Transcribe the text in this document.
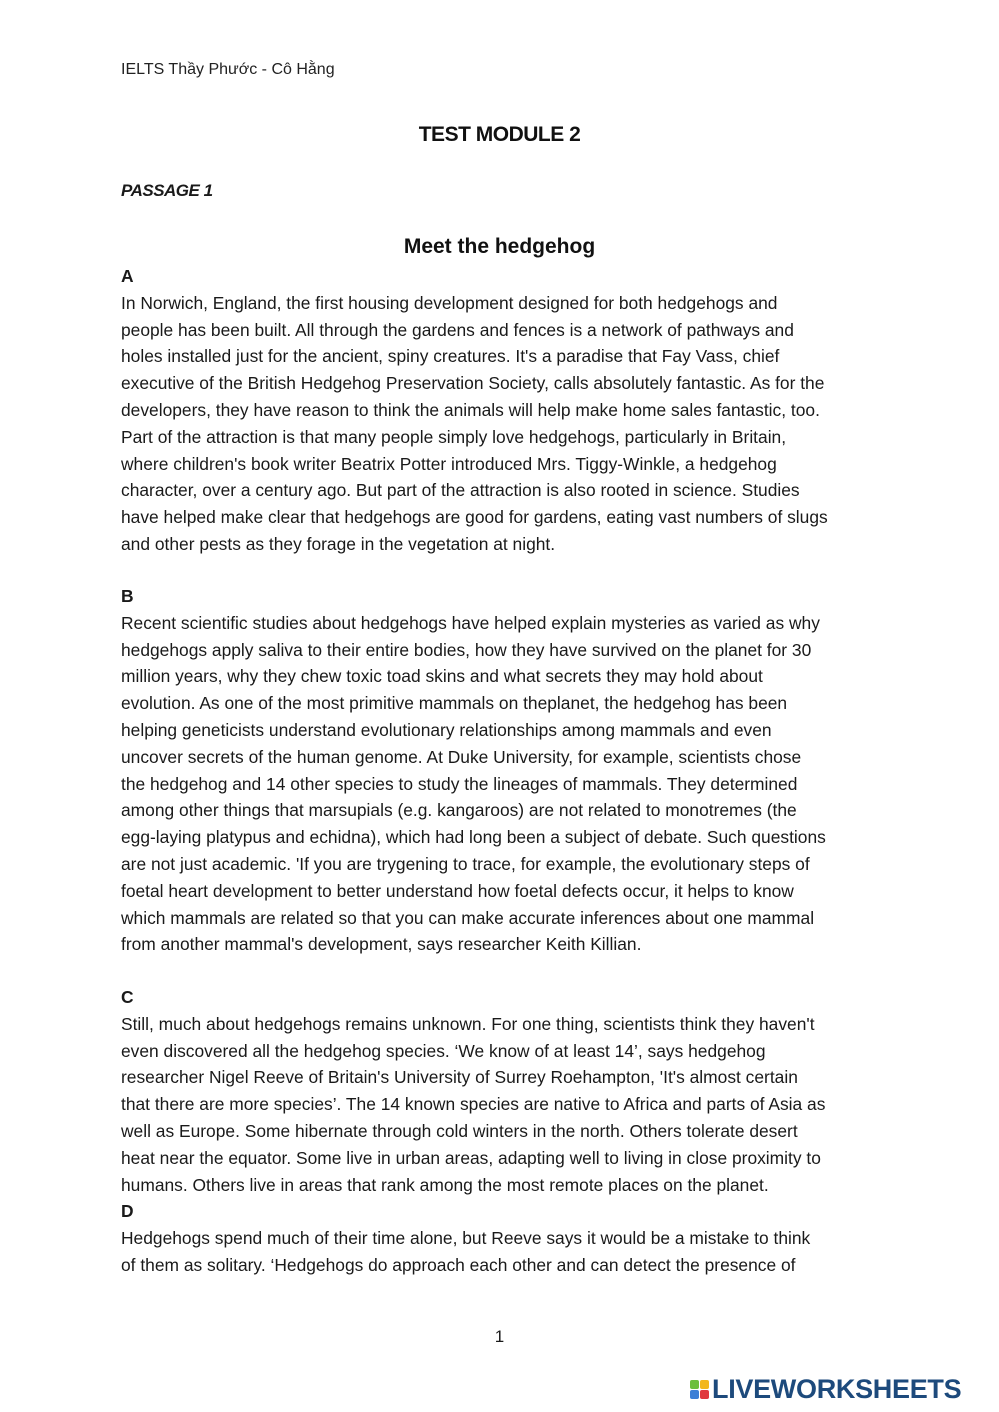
IELTS Thầy Phước - Cô Hằng
TEST MODULE 2
PASSAGE 1
Meet the hedgehog
A
In Norwich, England, the first housing development designed for both hedgehogs and
people has been built. All through the gardens and fences is a network of pathways and
holes installed just for the ancient, spiny creatures. It's a paradise that Fay Vass, chief
executive of the British Hedgehog Preservation Society, calls absolutely fantastic. As for the
developers, they have reason to think the animals will help make home sales fantastic, too.
Part of the attraction is that many people simply love hedgehogs, particularly in Britain,
where children's book writer Beatrix Potter introduced Mrs. Tiggy-Winkle, a hedgehog
character, over a century ago. But part of the attraction is also rooted in science. Studies
have helped make clear that hedgehogs are good for gardens, eating vast numbers of slugs
and other pests as they forage in the vegetation at night.
B
Recent scientific studies about hedgehogs have helped explain mysteries as varied as why
hedgehogs apply saliva to their entire bodies, how they have survived on the planet for 30
million years, why they chew toxic toad skins and what secrets they may hold about
evolution. As one of the most primitive mammals on theplanet, the hedgehog has been
helping geneticists understand evolutionary relationships among mammals and even
uncover secrets of the human genome. At Duke University, for example, scientists chose
the hedgehog and 14 other species to study the lineages of mammals. They determined
among other things that marsupials (e.g. kangaroos) are not related to monotremes (the
egg-laying platypus and echidna), which had long been a subject of debate. Such questions
are not just academic. 'If you are trygening to trace, for example, the evolutionary steps of
foetal heart development to better understand how foetal defects occur, it helps to know
which mammals are related so that you can make accurate inferences about one mammal
from another mammal's development, says researcher Keith Killian.
C
Still, much about hedgehogs remains unknown. For one thing, scientists think they haven't
even discovered all the hedgehog species. ‘We know of at least 14’, says hedgehog
researcher Nigel Reeve of Britain's University of Surrey Roehampton, 'It's almost certain
that there are more species’. The 14 known species are native to Africa and parts of Asia as
well as Europe. Some hibernate through cold winters in the north. Others tolerate desert
heat near the equator. Some live in urban areas, adapting well to living in close proximity to
humans. Others live in areas that rank among the most remote places on the planet.
D
Hedgehogs spend much of their time alone, but Reeve says it would be a mistake to think
of them as solitary. ‘Hedgehogs do approach each other and can detect the presence of
1
LIVEWORKSHEETS
